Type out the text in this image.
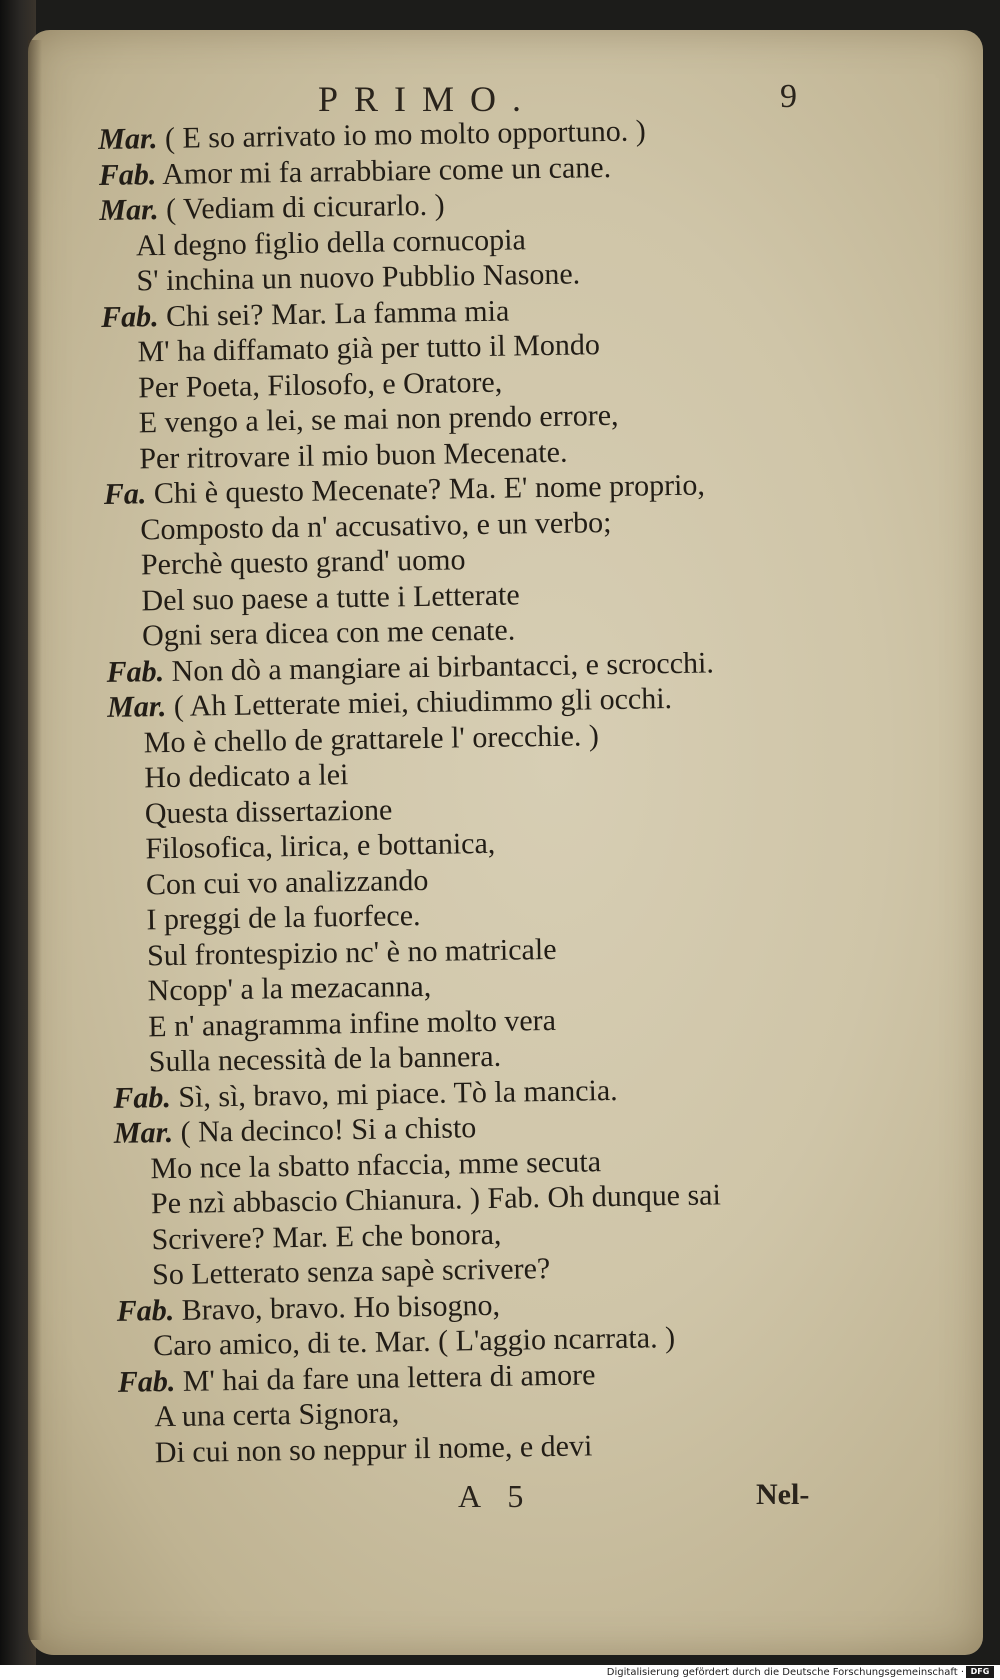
PRIMO.	9
Mar. ( E so arrivato io mo molto opportuno. )
Fab. Amor mi fa arrabbiare come un cane.
Mar. ( Vediam di cicurarlo. )
Al degno figlio della cornucopia
S' inchina un nuovo Pubblio Nasone.
Fab. Chi sei? Mar. La famma mia
M' ha diffamato già per tutto il Mondo
Per Poeta, Filosofo, e Oratore,
E vengo a lei, se mai non prendo errore,
Per ritrovare il mio buon Mecenate.
Fa. Chi è questo Mecenate? Ma. E' nome proprio,
Composto da n' accusativo, e un verbo;
Perchè questo grand' uomo
Del suo paese a tutte i Letterate
Ogni sera dicea con me cenate.
Fab. Non dò a mangiare ai birbantacci, e scrocchi.
Mar. ( Ah Letterate miei, chiudimmo gli occhi.
Mo è chello de grattarele l' orecchie. )
Ho dedicato a lei
Questa dissertazione
Filosofica, lirica, e bottanica,
Con cui vo analizzando
I preggi de la fuorfece.
Sul frontespizio nc' è no matricale
Ncopp' a la mezacanna,
E n' anagramma infine molto vera
Sulla necessità de la bannera.
Fab. Sì, sì, bravo, mi piace. Tò la mancia.
Mar. ( Na decinco! Si a chisto
Mo nce la sbatto nfaccia, mme secuta
Pe nzì abbascio Chianura. ) Fab. Oh dunque sai
Scrivere? Mar. E che bonora,
So Letterato senza sapè scrivere?
Fab. Bravo, bravo. Ho bisogno,
Caro amico, di te. Mar. ( L'aggio ncarrata. )
Fab. M' hai da fare una lettera di amore
A una certa Signora,
Di cui non so neppur il nome, e devi
A 5	Nel-
Digitalisierung gefördert durch die Deutsche Forschungsgemeinschaft · DFG
